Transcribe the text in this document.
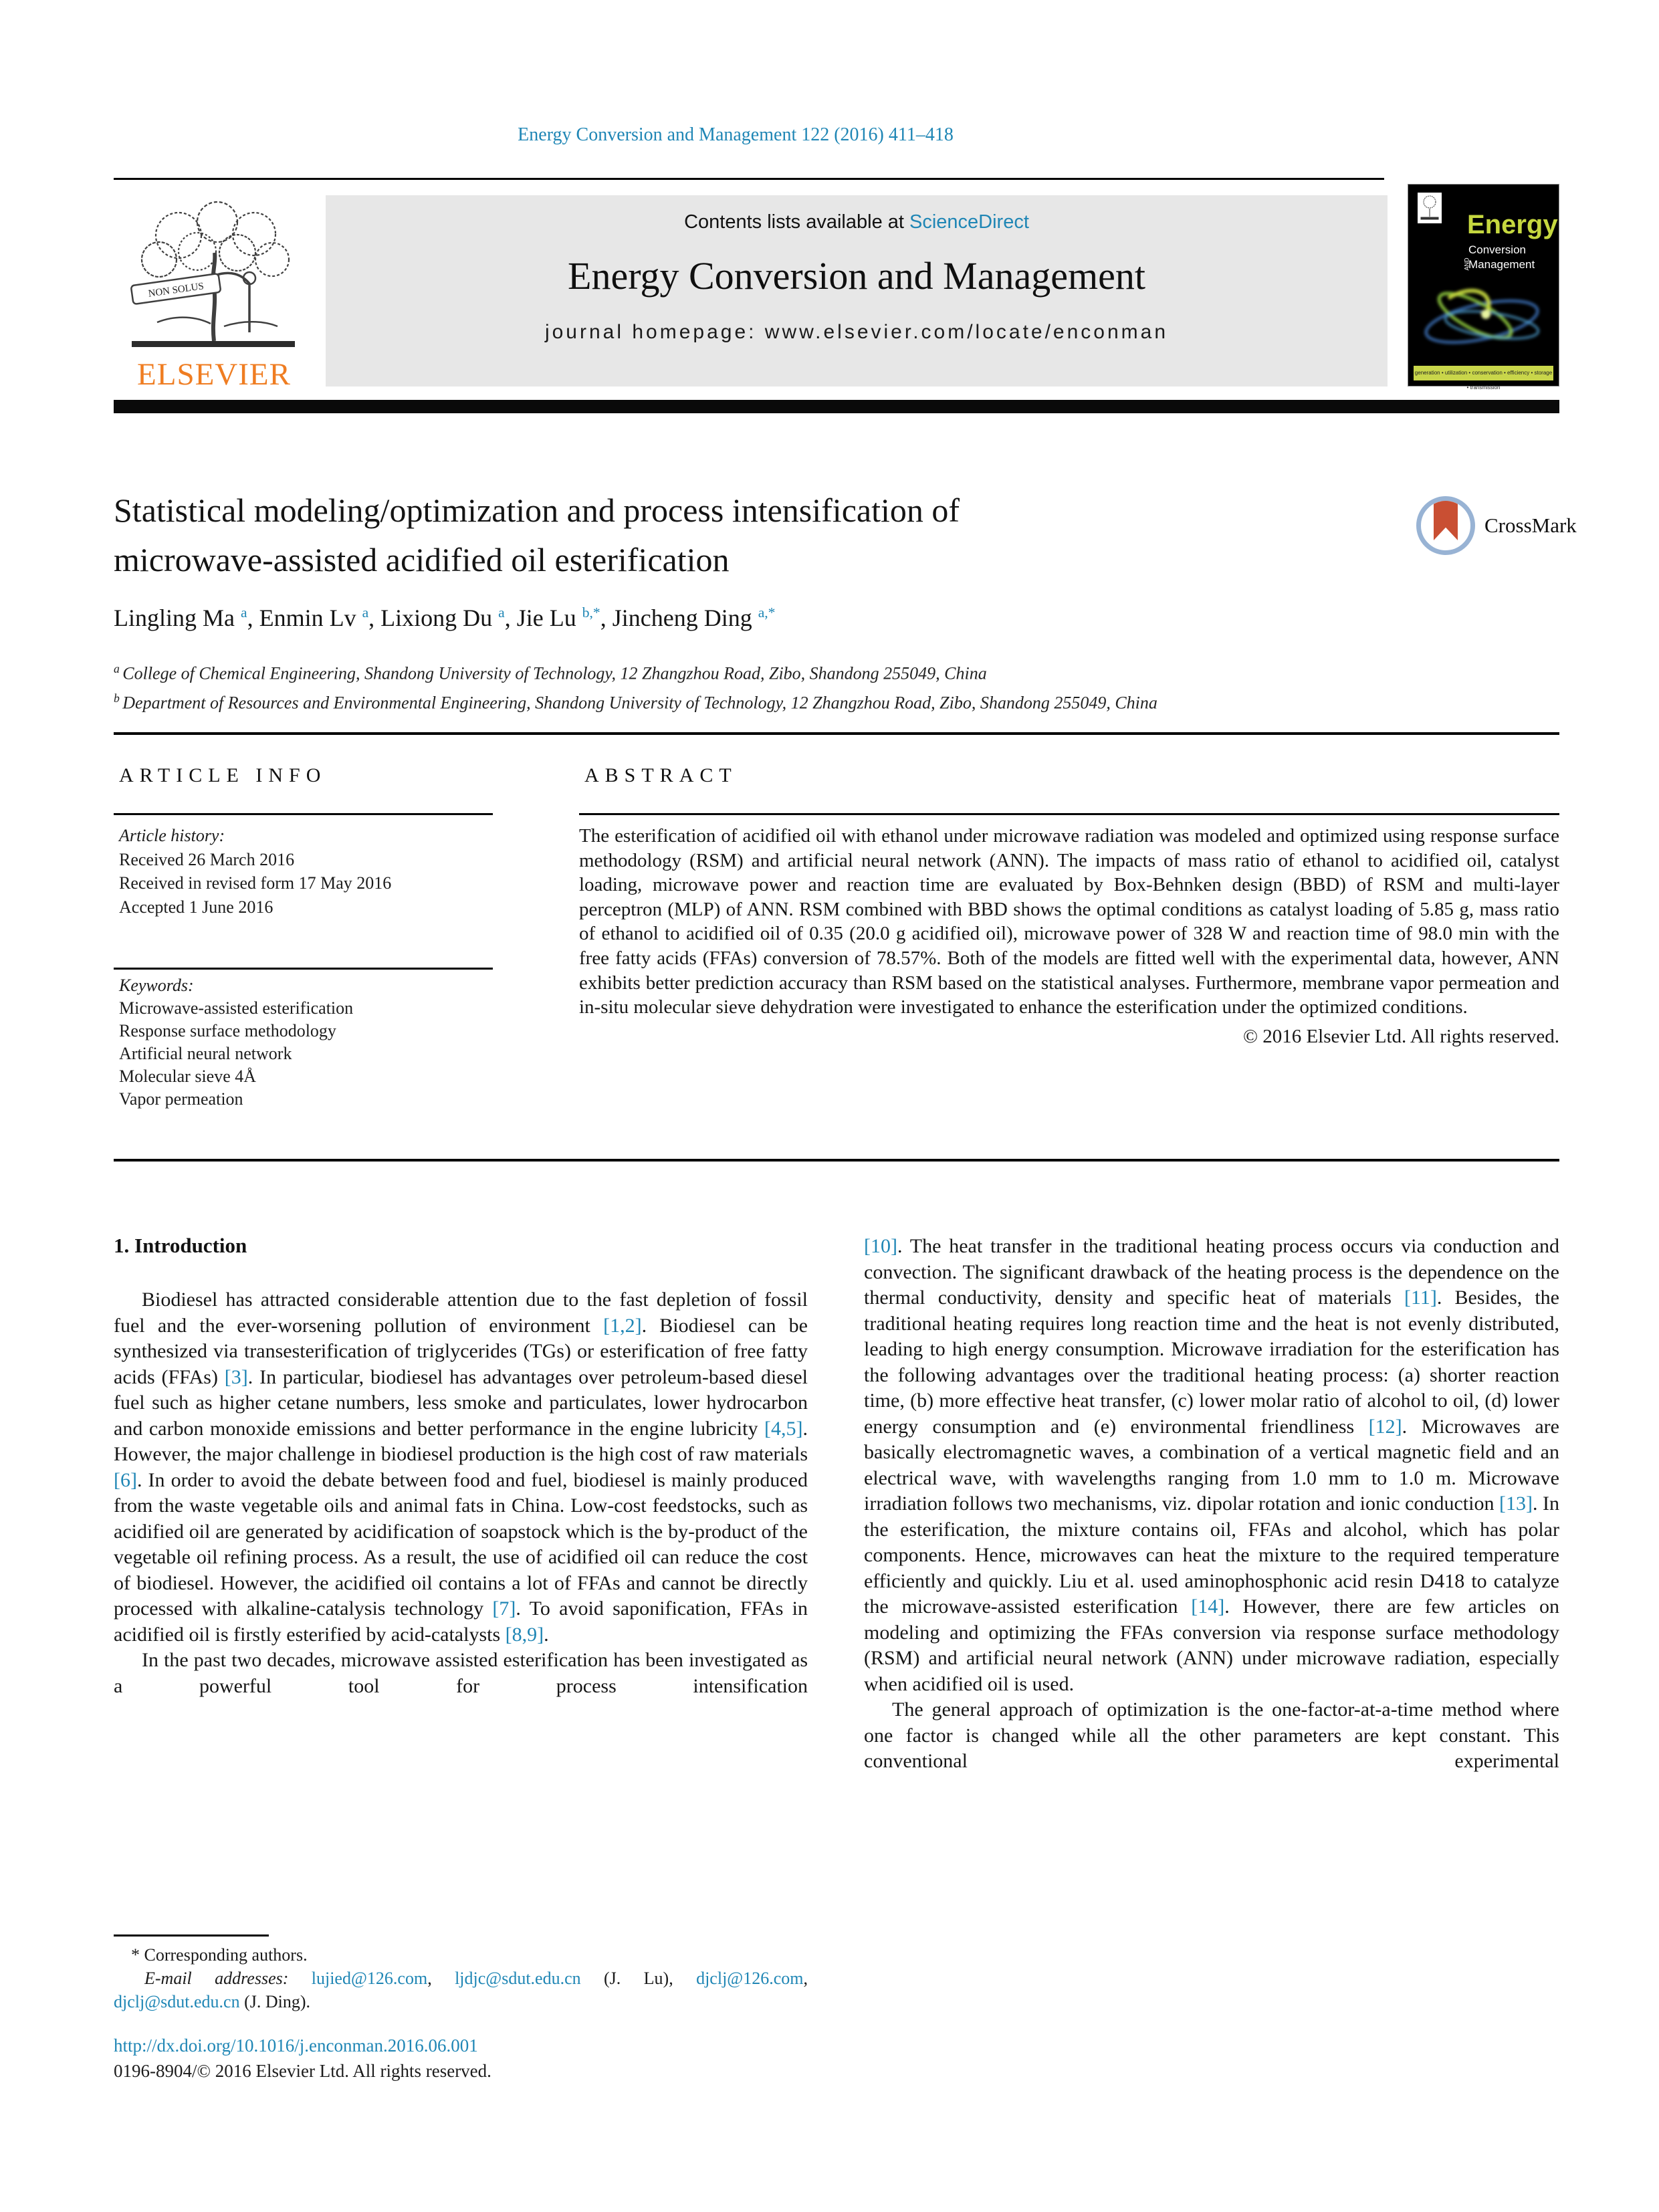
Energy Conversion and Management 122 (2016) 411–418
NON SOLUS
ELSEVIER
Contents lists available at ScienceDirect
Energy Conversion and Management
journal homepage: www.elsevier.com/locate/enconman
Energy
Conversion
AND
Management
generation • utilization • conservation • efficiency • storage • transmission
Statistical modeling/optimization and process intensification of
microwave-assisted acidified oil esterification
CrossMark
Lingling Ma $^a$, Enmin Lv $^a$, Lixiong Du $^a$, Jie Lu $^{b,*}$, Jincheng Ding $^{a,*}$
$^a$ College of Chemical Engineering, Shandong University of Technology, 12 Zhangzhou Road, Zibo, Shandong 255049, China
$^b$ Department of Resources and Environmental Engineering, Shandong University of Technology, 12 Zhangzhou Road, Zibo, Shandong 255049, China
ARTICLE INFO	ABSTRACT
Article history:
Received 26 March 2016
Received in revised form 17 May 2016
Accepted 1 June 2016
Keywords:
Microwave-assisted esterification
Response surface methodology
Artificial neural network
Molecular sieve 4Å
Vapor permeation
The esterification of acidified oil with ethanol under microwave radiation was modeled and optimized using response surface methodology (RSM) and artificial neural network (ANN). The impacts of mass ratio of ethanol to acidified oil, catalyst loading, microwave power and reaction time are evaluated by Box-Behnken design (BBD) of RSM and multi-layer perceptron (MLP) of ANN. RSM combined with BBD shows the optimal conditions as catalyst loading of 5.85 g, mass ratio of ethanol to acidified oil of 0.35 (20.0 g acidified oil), microwave power of 328 W and reaction time of 98.0 min with the free fatty acids (FFAs) conversion of 78.57%. Both of the models are fitted well with the experimental data, however, ANN exhibits better prediction accuracy than RSM based on the statistical analyses. Furthermore, membrane vapor permeation and in-situ molecular sieve dehydration were investigated to enhance the esterification under the optimized conditions.
© 2016 Elsevier Ltd. All rights reserved.
1. Introduction

Biodiesel has attracted considerable attention due to the fast depletion of fossil fuel and the ever-worsening pollution of environment [1,2]. Biodiesel can be synthesized via transesterification of triglycerides (TGs) or esterification of free fatty acids (FFAs) [3]. In particular, biodiesel has advantages over petroleum-based diesel fuel such as higher cetane numbers, less smoke and particulates, lower hydrocarbon and carbon monoxide emissions and better performance in the engine lubricity [4,5]. However, the major challenge in biodiesel production is the high cost of raw materials [6]. In order to avoid the debate between food and fuel, biodiesel is mainly produced from the waste vegetable oils and animal fats in China. Low-cost feedstocks, such as acidified oil are generated by acidification of soapstock which is the by-product of the vegetable oil refining process. As a result, the use of acidified oil can reduce the cost of biodiesel. However, the acidified oil contains a lot of FFAs and cannot be directly processed with alkaline-catalysis technology [7]. To avoid saponification, FFAs in acidified oil is firstly esterified by acid-catalysts [8,9].

In the past two decades, microwave assisted esterification has been investigated as a powerful tool for process intensification

[10]. The heat transfer in the traditional heating process occurs via conduction and convection. The significant drawback of the heating process is the dependence on the thermal conductivity, density and specific heat of materials [11]. Besides, the traditional heating requires long reaction time and the heat is not evenly distributed, leading to high energy consumption. Microwave irradiation for the esterification has the following advantages over the traditional heating process: (a) shorter reaction time, (b) more effective heat transfer, (c) lower molar ratio of alcohol to oil, (d) lower energy consumption and (e) environmental friendliness [12]. Microwaves are basically electromagnetic waves, a combination of a vertical magnetic field and an electrical wave, with wavelengths ranging from 1.0 mm to 1.0 m. Microwave irradiation follows two mechanisms, viz. dipolar rotation and ionic conduction [13]. In the esterification, the mixture contains oil, FFAs and alcohol, which has polar components. Hence, microwaves can heat the mixture to the required temperature efficiently and quickly. Liu et al. used aminophosphonic acid resin D418 to catalyze the microwave-assisted esterification [14]. However, there are few articles on modeling and optimizing the FFAs conversion via response surface methodology (RSM) and artificial neural network (ANN) under microwave radiation, especially when acidified oil is used.

The general approach of optimization is the one-factor-at-a-time method where one factor is changed while all the other parameters are kept constant. This conventional experimental

* Corresponding authors.
E-mail addresses: lujied@126.com, ljdjc@sdut.edu.cn (J. Lu), djclj@126.com,
djclj@sdut.edu.cn (J. Ding).
http://dx.doi.org/10.1016/j.enconman.2016.06.001
0196-8904/© 2016 Elsevier Ltd. All rights reserved.
